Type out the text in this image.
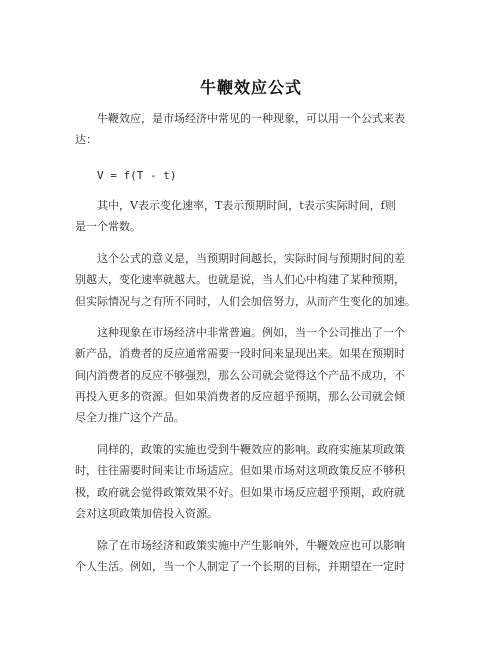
牛鞭效应公式
牛鞭效应，是市场经济中常见的一种现象，可以用一个公式来表
达：
V = f(T - t)
其中，V表示变化速率，T表示预期时间，t表示实际时间，f则
是一个常数。
这个公式的意义是，当预期时间越长，实际时间与预期时间的差
别越大，变化速率就越大。也就是说，当人们心中构建了某种预期，
但实际情况与之有所不同时，人们会加倍努力，从而产生变化的加速。
这种现象在市场经济中非常普遍。例如，当一个公司推出了一个
新产品，消费者的反应通常需要一段时间来显现出来。如果在预期时
间内消费者的反应不够强烈，那么公司就会觉得这个产品不成功，不
再投入更多的资源。但如果消费者的反应超乎预期，那么公司就会倾
尽全力推广这个产品。
同样的，政策的实施也受到牛鞭效应的影响。政府实施某项政策
时，往往需要时间来让市场适应。但如果市场对这项政策反应不够积
极，政府就会觉得政策效果不好。但如果市场反应超乎预期，政府就
会对这项政策加倍投入资源。
除了在市场经济和政策实施中产生影响外，牛鞭效应也可以影响
个人生活。例如，当一个人制定了一个长期的目标，并期望在一定时
